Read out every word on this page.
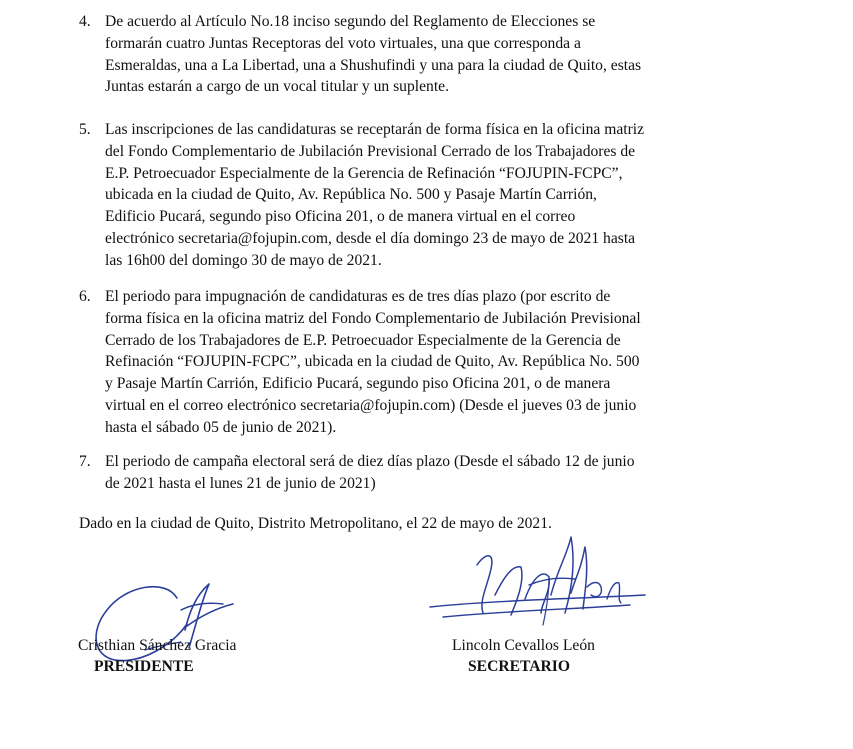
4. De acuerdo al Artículo No.18 inciso segundo del Reglamento de Elecciones se
formarán cuatro Juntas Receptoras del voto virtuales, una que corresponda a
Esmeraldas, una a La Libertad, una a Shushufindi y una para la ciudad de Quito, estas
Juntas estarán a cargo de un vocal titular y un suplente.
5. Las inscripciones de las candidaturas se receptarán de forma física en la oficina matriz
del Fondo Complementario de Jubilación Previsional Cerrado de los Trabajadores de
E.P. Petroecuador Especialmente de la Gerencia de Refinación “FOJUPIN-FCPC”,
ubicada en la ciudad de Quito, Av. República No. 500 y Pasaje Martín Carrión,
Edificio Pucará, segundo piso Oficina 201, o de manera virtual en el correo
electrónico secretaria@fojupin.com, desde el día domingo 23 de mayo de 2021 hasta
las 16h00 del domingo 30 de mayo de 2021.
6. El periodo para impugnación de candidaturas es de tres días plazo (por escrito de
forma física en la oficina matriz del Fondo Complementario de Jubilación Previsional
Cerrado de los Trabajadores de E.P. Petroecuador Especialmente de la Gerencia de
Refinación “FOJUPIN-FCPC”, ubicada en la ciudad de Quito, Av. República No. 500
y Pasaje Martín Carrión, Edificio Pucará, segundo piso Oficina 201, o de manera
virtual en el correo electrónico secretaria@fojupin.com) (Desde el jueves 03 de junio
hasta el sábado 05 de junio de 2021).
7. El periodo de campaña electoral será de diez días plazo (Desde el sábado 12 de junio
de 2021 hasta el lunes 21 de junio de 2021)
Dado en la ciudad de Quito, Distrito Metropolitano, el 22 de mayo de 2021.
Cristhian Sánchez Gracia
PRESIDENTE
Lincoln Cevallos León
SECRETARIO
